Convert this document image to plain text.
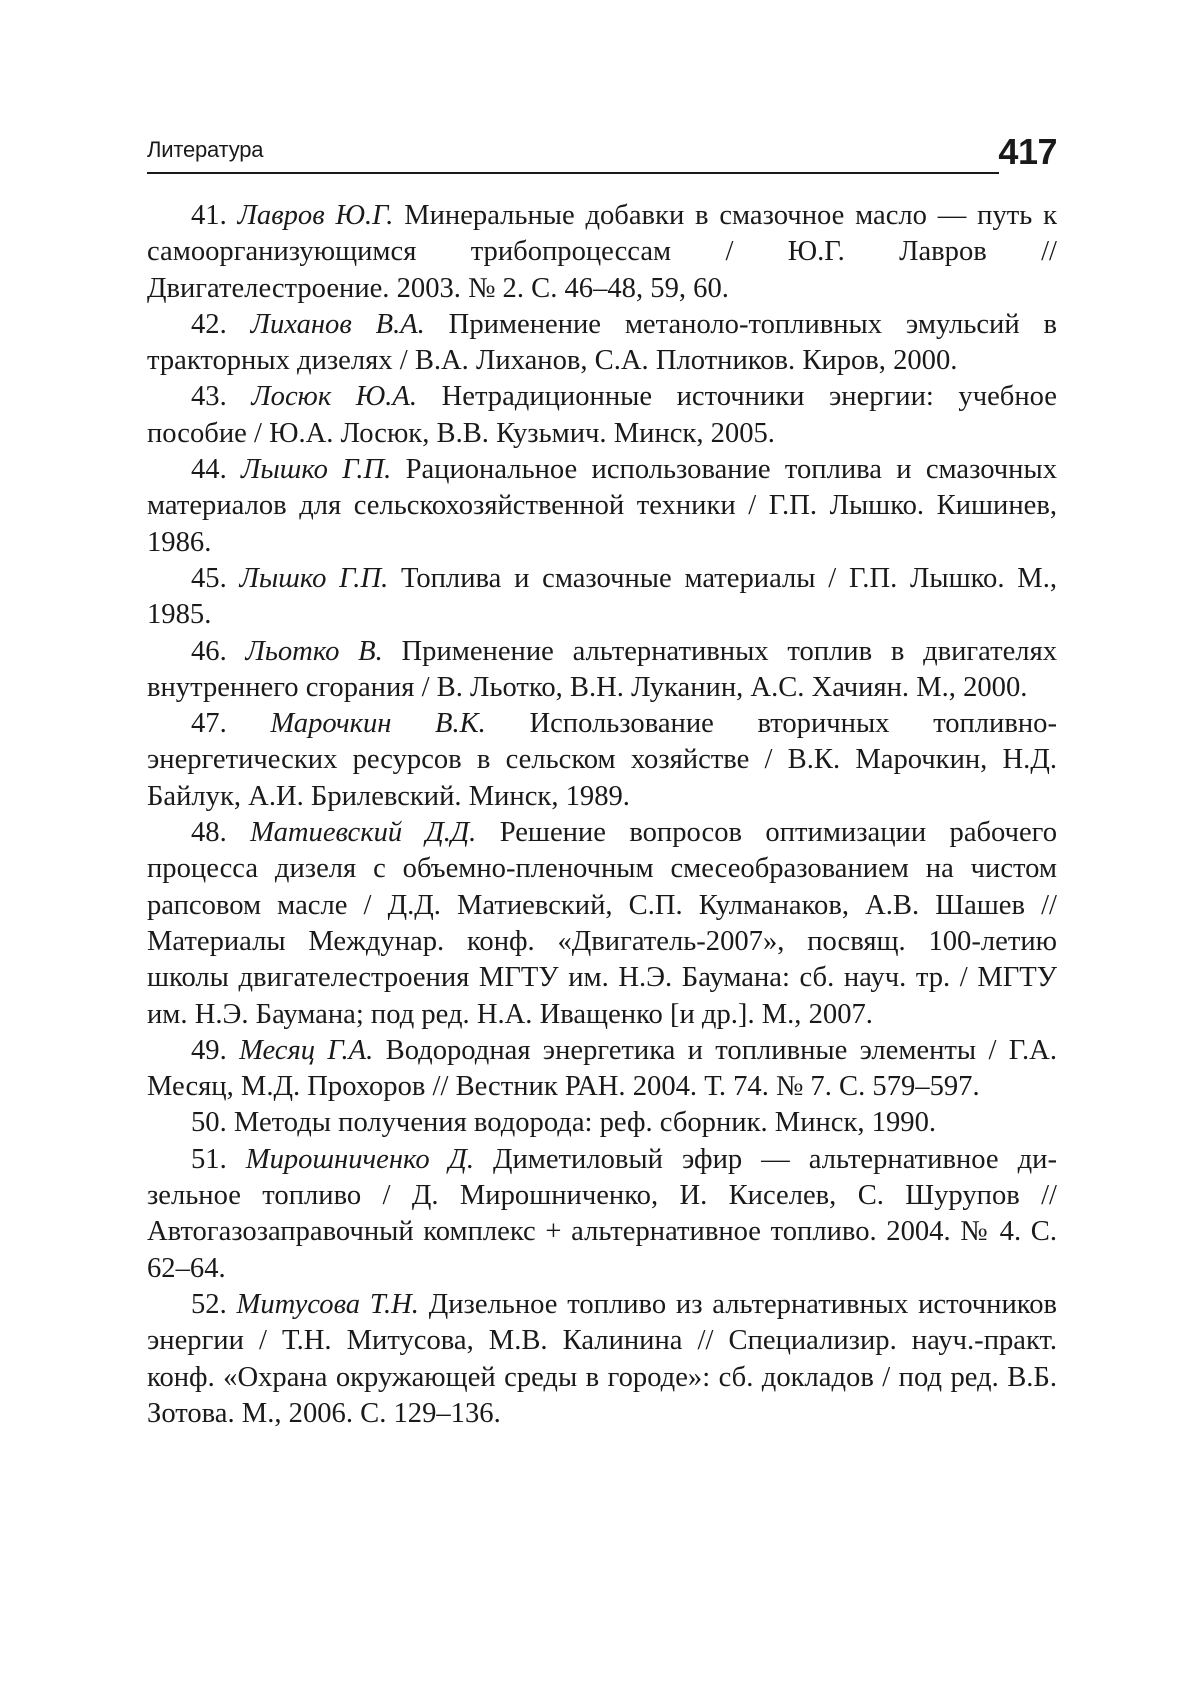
Литература	417

41. Лавров Ю.Г. Минеральные добавки в смазочное масло — путь к самоорганизующимся трибопроцессам / Ю.Г. Лавров // Двигателестроение. 2003. № 2. С. 46–48, 59, 60.

42. Лиханов В.А. Применение метаноло-топливных эмульсий в тракторных дизелях / В.А. Лиханов, С.А. Плотников. Киров, 2000.

43. Лосюк Ю.А. Нетрадиционные источники энергии: учебное пособие / Ю.А. Лосюк, В.В. Кузьмич. Минск, 2005.

44. Лышко Г.П. Рациональное использование топлива и смазочных материалов для сельскохозяйственной техники / Г.П. Лышко. Кишинев, 1986.

45. Лышко Г.П. Топлива и смазочные материалы / Г.П. Лышко. М., 1985.

46. Льотко В. Применение альтернативных топлив в двигателях внутреннего сгорания / В. Льотко, В.Н. Луканин, А.С. Хачиян. М., 2000.

47. Марочкин В.К. Использование вторичных топливно-энергетических ресурсов в сельском хозяйстве / В.К. Марочкин, Н.Д. Байлук, А.И. Брилевский. Минск, 1989.

48. Матиевский Д.Д. Решение вопросов оптимизации рабочего процесса дизеля с объемно-пленочным смесеобразованием на чистом рапсовом масле / Д.Д. Матиевский, С.П. Кулманаков, А.В. Шашев // Материалы Междунар. конф. «Двигатель-2007», посвящ. 100-летию школы двигателестроения МГТУ им. Н.Э. Баумана: сб. науч. тр. / МГТУ им. Н.Э. Баумана; под ред. Н.А. Иващенко [и др.]. М., 2007.

49. Месяц Г.А. Водородная энергетика и топливные элементы / Г.А. Месяц, М.Д. Прохоров // Вестник РАН. 2004. Т. 74. № 7. С. 579–597.

50. Методы получения водорода: реф. сборник. Минск, 1990.

51. Мирошниченко Д. Диметиловый эфир — альтернативное дизельное топливо / Д. Мирошниченко, И. Киселев, С. Шурупов // Автогазозаправочный комплекс + альтернативное топливо. 2004. № 4. С. 62–64.

52. Митусова Т.Н. Дизельное топливо из альтернативных источников энергии / Т.Н. Митусова, М.В. Калинина // Специализир. науч.-практ. конф. «Охрана окружающей среды в городе»: сб. докладов / под ред. В.Б. Зотова. М., 2006. С. 129–136.
